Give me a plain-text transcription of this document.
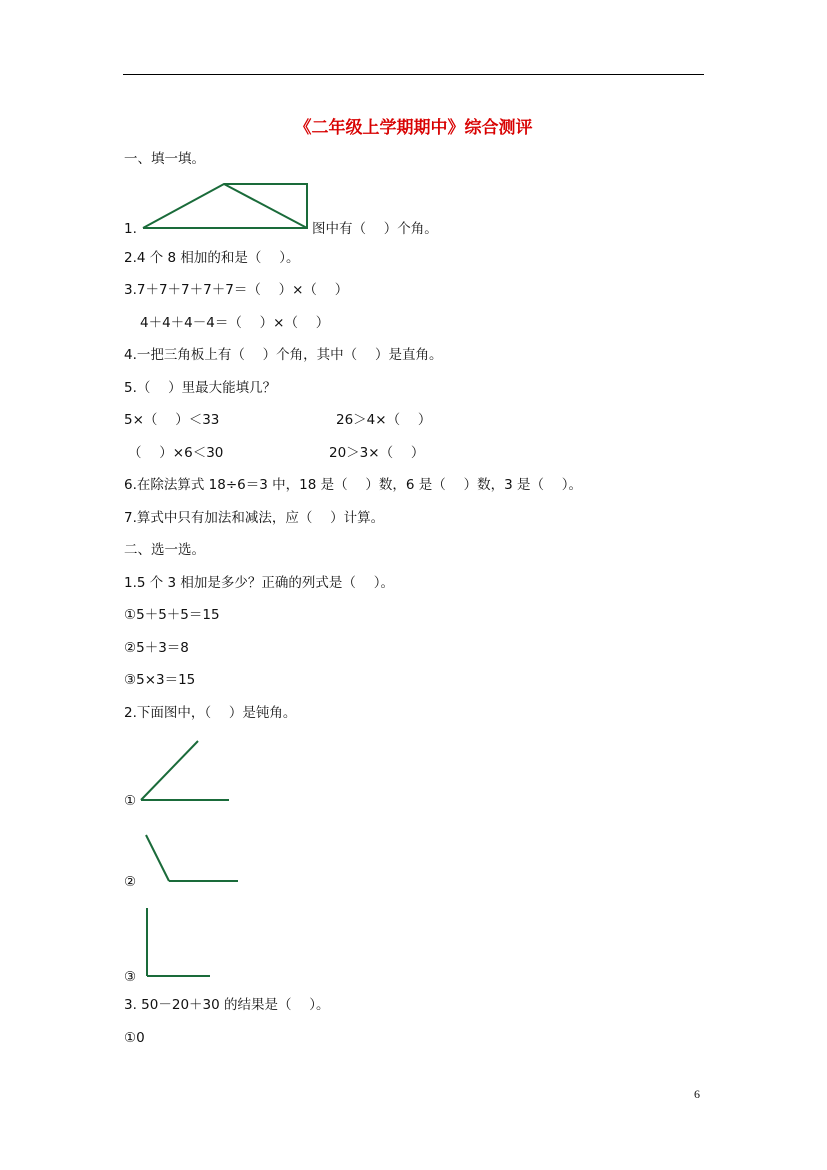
《二年级上学期期中》综合测评
一、填一填。
1.	图中有（　 ）个角。
2.4 个 8 相加的和是（　 ）。
3.7＋7＋7＋7＋7＝（　 ）×（　 ）
4＋4＋4－4＝（　 ）×（　 ）
4.一把三角板上有（　 ）个角，其中（　 ）是直角。
5.（　 ）里最大能填几？
5×（　 ）＜33	26＞4×（　 ）
（　 ）×6＜30	20＞3×（　 ）
6.在除法算式 18÷6＝3 中，18 是（　 ）数，6 是（　 ）数，3 是（　 ）。
7.算式中只有加法和减法，应（　 ）计算。
二、选一选。
1.5 个 3 相加是多少？正确的列式是（　 ）。
①5＋5＋5＝15
②5＋3＝8
③5×3＝15
2.下面图中，（　 ）是钝角。
①
②
③
3. 50－20＋30 的结果是（　 ）。
①0
6
